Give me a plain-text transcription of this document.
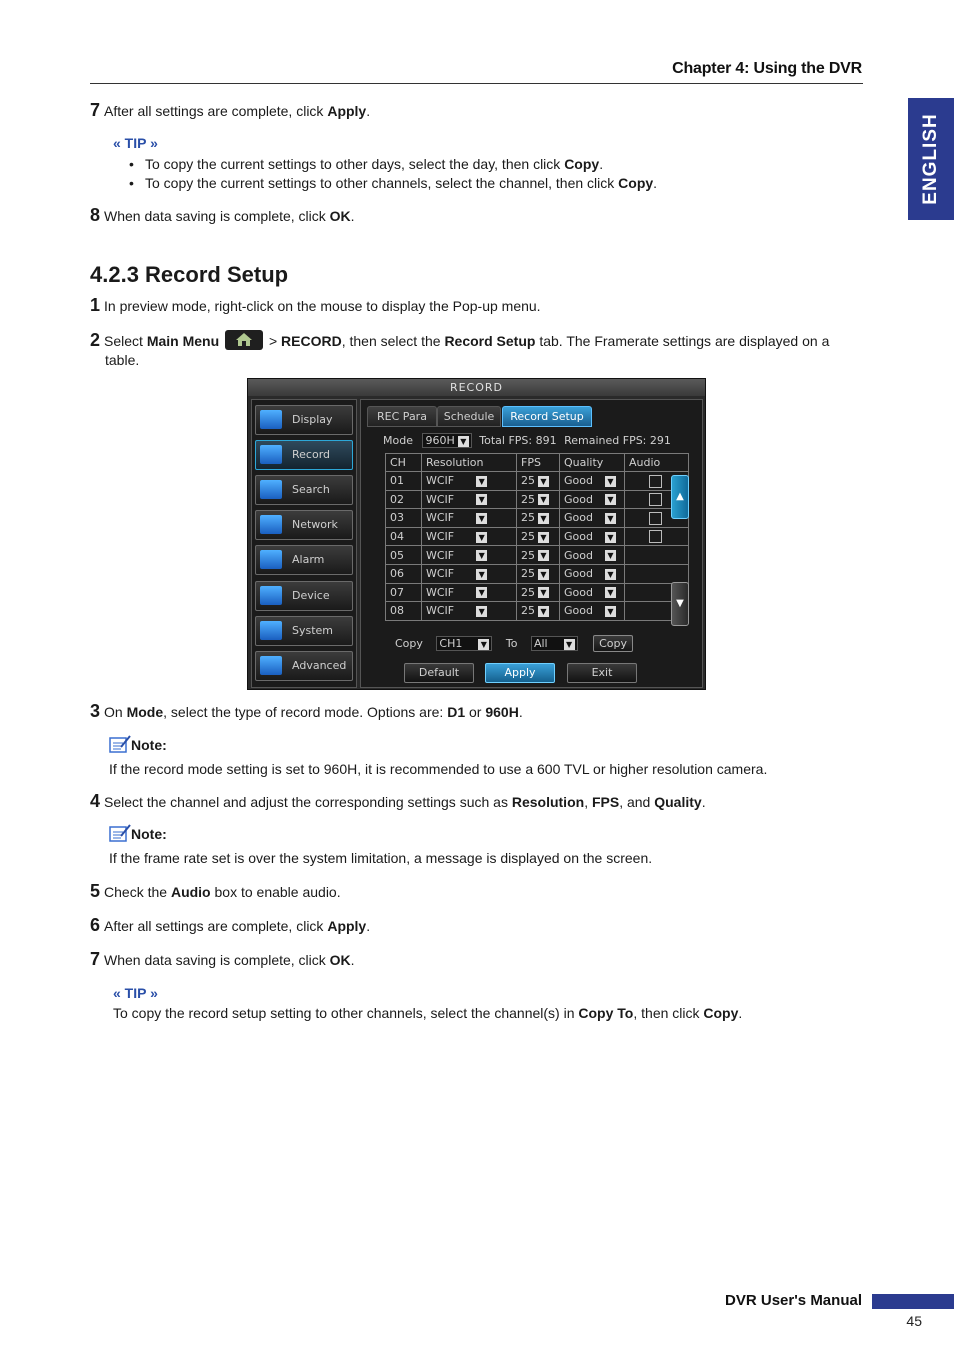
Chapter 4: Using the DVR
ENGLISH
7 After all settings are complete, click Apply.
« TIP »
• To copy the current settings to other days, select the day, then click Copy.
• To copy the current settings to other channels, select the channel, then click Copy.
8 When data saving is complete, click OK.
4.2.3 Record Setup
1 In preview mode, right-click on the mouse to display the Pop-up menu.
2 Select Main Menu	> RECORD, then select the Record Setup tab. The Framerate settings are displayed on a
table.
RECORD
Display
Record
Search
Network
Alarm
Device
System
Advanced
REC Para	Schedule	Record Setup
Mode 960H ▼ Total FPS: 891 Remained FPS: 291
CH	Resolution	FPS	Quality	Audio
01	WCIF ▼	25 ▼	Good ▼	
02	WCIF ▼	25 ▼	Good ▼	
03	WCIF ▼	25 ▼	Good ▼	
04	WCIF ▼	25 ▼	Good ▼	
05	WCIF ▼	25 ▼	Good ▼	
06	WCIF ▼	25 ▼	Good ▼	
07	WCIF ▼	25 ▼	Good ▼	
08	WCIF ▼	25 ▼	Good ▼	
▲
▼
Copy CH1 ▼ To All ▼ Copy
Default	Apply	Exit
3 On Mode, select the type of record mode. Options are: D1 or 960H.
Note:
If the record mode setting is set to 960H, it is recommended to use a 600 TVL or higher resolution camera.
4 Select the channel and adjust the corresponding settings such as Resolution, FPS, and Quality.
Note:
If the frame rate set is over the system limitation, a message is displayed on the screen.
5 Check the Audio box to enable audio.
6 After all settings are complete, click Apply.
7 When data saving is complete, click OK.
« TIP »
To copy the record setup setting to other channels, select the channel(s) in Copy To, then click Copy.
DVR User's Manual
45
